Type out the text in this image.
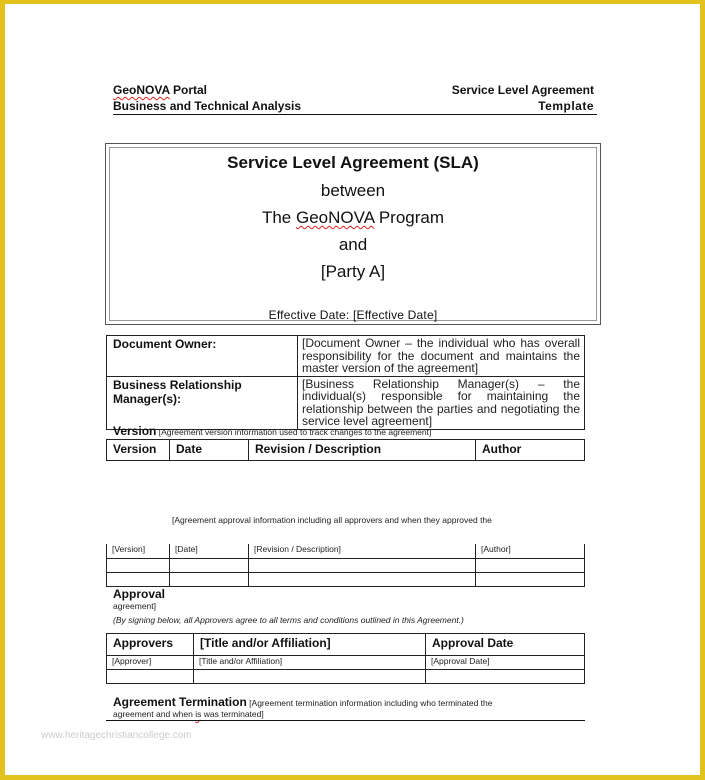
GeoNOVA Portal
Business and Technical Analysis
Service Level Agreement
Template
Service Level Agreement (SLA)
between
The GeoNOVA Program
and
[Party A]
Effective Date: [Effective Date]
Document Owner:	[Document Owner – the individual who has overall responsibility for the document and maintains the master version of the agreement]
Business Relationship Manager(s):	[Business Relationship Manager(s) – the individual(s) responsible for maintaining the relationship between the parties and negotiating the service level agreement]
Version [Agreement version information used to track changes to the agreement]
Version	Date	Revision / Description	Author
[Agreement approval information including all approvers and when they approved the
[Version]	[Date]	[Revision / Description]	[Author]

Approval
agreement]
(By signing below, all Approvers agree to all terms and conditions outlined in this Agreement.)
Approvers	[Title and/or Affiliation]	Approval Date
[Approver]	[Title and/or Affiliation]	[Approval Date]

Agreement Termination [Agreement termination information including who terminated the
agreement and when is was terminated]
www.heritagechristiancollege.com
